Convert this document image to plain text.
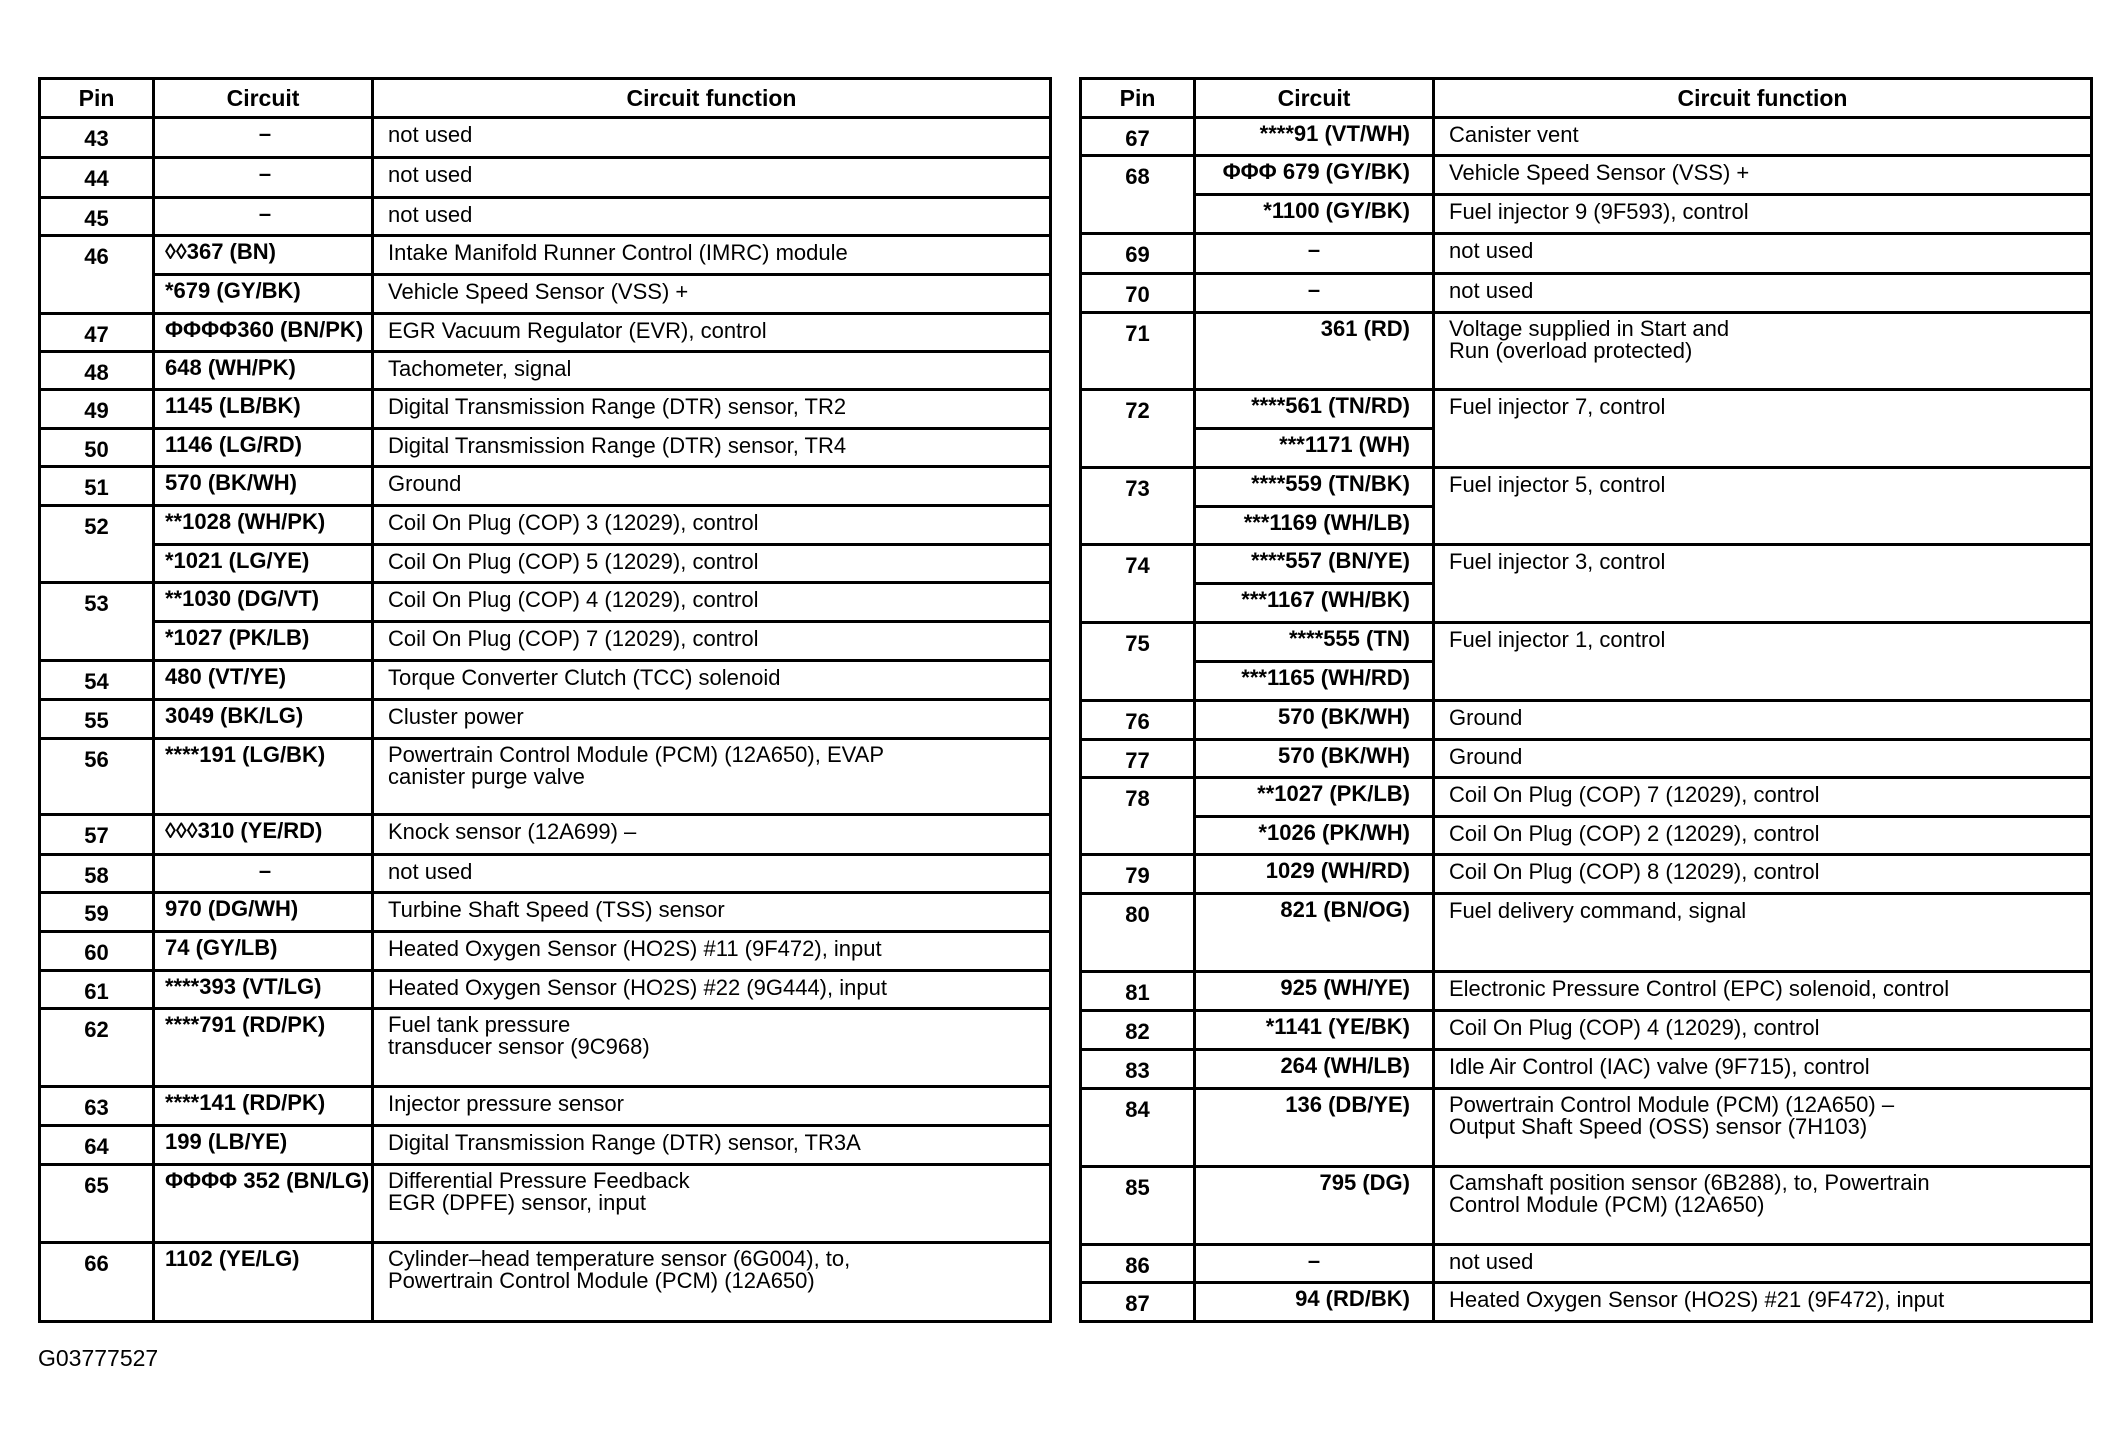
Pin	Circuit	Circuit function
43	–	not used
44	–	not used
45	–	not used
46	◊◊367 (BN)	Intake Manifold Runner Control (IMRC) module
	*679 (GY/BK)	Vehicle Speed Sensor (VSS) +
47	ΦΦΦΦ360 (BN/PK)	EGR Vacuum Regulator (EVR), control
48	648 (WH/PK)	Tachometer, signal
49	1145 (LB/BK)	Digital Transmission Range (DTR) sensor, TR2
50	1146 (LG/RD)	Digital Transmission Range (DTR) sensor, TR4
51	570 (BK/WH)	Ground
52	**1028 (WH/PK)	Coil On Plug (COP) 3 (12029), control
	*1021 (LG/YE)	Coil On Plug (COP) 5 (12029), control
53	**1030 (DG/VT)	Coil On Plug (COP) 4 (12029), control
	*1027 (PK/LB)	Coil On Plug (COP) 7 (12029), control
54	480 (VT/YE)	Torque Converter Clutch (TCC) solenoid
55	3049 (BK/LG)	Cluster power
56	****191 (LG/BK)	Powertrain Control Module (PCM) (12A650), EVAP
canister purge valve
57	◊◊◊310 (YE/RD)	Knock sensor (12A699) –
58	–	not used
59	970 (DG/WH)	Turbine Shaft Speed (TSS) sensor
60	74 (GY/LB)	Heated Oxygen Sensor (HO2S) #11 (9F472), input
61	****393 (VT/LG)	Heated Oxygen Sensor (HO2S) #22 (9G444), input
62	****791 (RD/PK)	Fuel tank pressure
transducer sensor (9C968)
63	****141 (RD/PK)	Injector pressure sensor
64	199 (LB/YE)	Digital Transmission Range (DTR) sensor, TR3A
65	ΦΦΦΦ 352 (BN/LG)	Differential Pressure Feedback
EGR (DPFE) sensor, input
66	1102 (YE/LG)	Cylinder–head temperature sensor (6G004), to,
Powertrain Control Module (PCM) (12A650)
Pin	Circuit	Circuit function
67	****91 (VT/WH)	Canister vent
68	ΦΦΦ 679 (GY/BK)	Vehicle Speed Sensor (VSS) +
	*1100 (GY/BK)	Fuel injector 9 (9F593), control
69	–	not used
70	–	not used
71	361 (RD)	Voltage supplied in Start and
Run (overload protected)
72	****561 (TN/RD)	Fuel injector 7, control
	***1171 (WH)	
73	****559 (TN/BK)	Fuel injector 5, control
	***1169 (WH/LB)	
74	****557 (BN/YE)	Fuel injector 3, control
	***1167 (WH/BK)	
75	****555 (TN)	Fuel injector 1, control
	***1165 (WH/RD)	
76	570 (BK/WH)	Ground
77	570 (BK/WH)	Ground
78	**1027 (PK/LB)	Coil On Plug (COP) 7 (12029), control
	*1026 (PK/WH)	Coil On Plug (COP) 2 (12029), control
79	1029 (WH/RD)	Coil On Plug (COP) 8 (12029), control
80	821 (BN/OG)	Fuel delivery command, signal
81	925 (WH/YE)	Electronic Pressure Control (EPC) solenoid, control
82	*1141 (YE/BK)	Coil On Plug (COP) 4 (12029), control
83	264 (WH/LB)	Idle Air Control (IAC) valve (9F715), control
84	136 (DB/YE)	Powertrain Control Module (PCM) (12A650) –
Output Shaft Speed (OSS) sensor (7H103)
85	795 (DG)	Camshaft position sensor (6B288), to, Powertrain
Control Module (PCM) (12A650)
86	–	not used
87	94 (RD/BK)	Heated Oxygen Sensor (HO2S) #21 (9F472), input
G03777527
